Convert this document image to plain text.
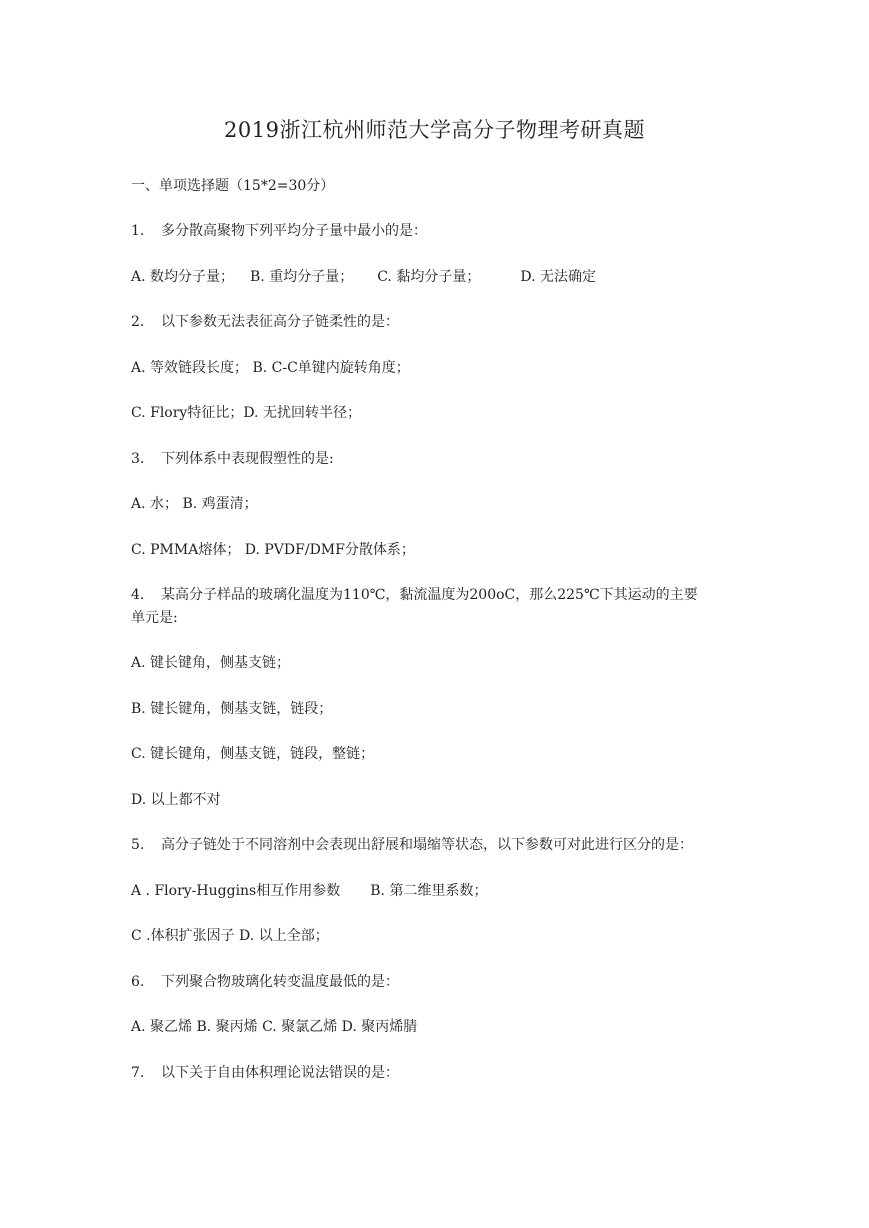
2019浙江杭州师范大学高分子物理考研真题
一、单项选择题（15*2=30分）
1. 多分散高聚物下列平均分子量中最小的是：
A. 数均分子量； B. 重均分子量； C. 黏均分子量；	D. 无法确定
2. 以下参数无法表征高分子链柔性的是：
A. 等效链段长度； B. C-C单键内旋转角度；
C. Flory特征比；D. 无扰回转半径；
3. 下列体系中表现假塑性的是:
A. 水； B. 鸡蛋清；
C. PMMA熔体； D. PVDF/DMF分散体系；
4. 某高分子样品的玻璃化温度为110℃，黏流温度为200oC，那么225℃下其运动的主要
单元是:
A. 键长键角，侧基支链；
B. 键长键角，侧基支链，链段；
C. 键长键角，侧基支链，链段，整链；
D. 以上都不对
5. 高分子链处于不同溶剂中会表现出舒展和塌缩等状态，以下参数可对此进行区分的是：
A . Flory-Huggins相互作用参数 B. 第二维里系数；
C .体积扩张因子 D. 以上全部；
6. 下列聚合物玻璃化转变温度最低的是：
A. 聚乙烯 B. 聚丙烯 C. 聚氯乙烯 D. 聚丙烯腈
7. 以下关于自由体积理论说法错误的是：
